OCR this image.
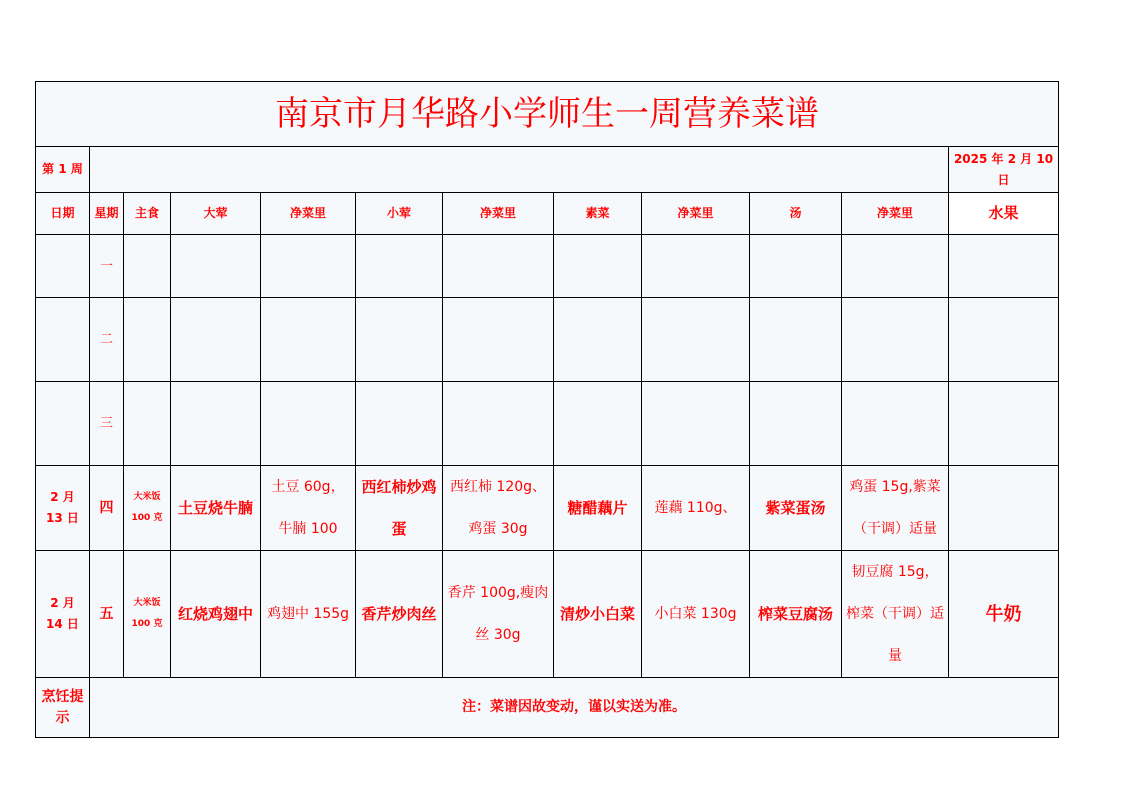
南京市月华路小学师生一周营养菜谱											
第 1 周											2025 年 2 月 10 日
日期	星期	主食	大荤	净菜里	小荤	净菜里	素菜	净菜里	汤	净菜里	水果
	一										
	二										
	三										
2 月 13 日	四	大米饭 100 克	土豆烧牛腩	土豆 60g，牛腩 100	西红柿炒鸡蛋	西红柿 120g、鸡蛋 30g	糖醋藕片	莲藕 110g、	紫菜蛋汤	鸡蛋 15g,紫菜（干调）适量	
2 月 14 日	五	大米饭 100 克	红烧鸡翅中	鸡翅中 155g	香芹炒肉丝	香芹 100g,瘦肉丝 30g	清炒小白菜	小白菜 130g	榨菜豆腐汤	韧豆腐 15g，榨菜（干调）适量	牛奶
烹饪提示	注：菜谱因故变动，谨以实送为准。										
